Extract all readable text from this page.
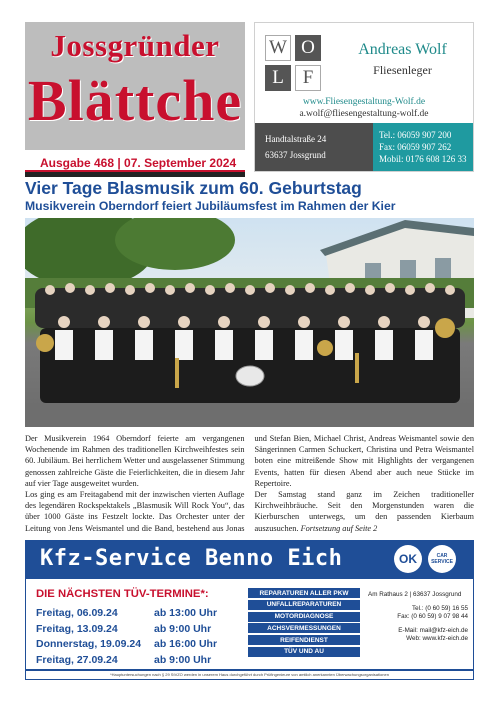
Jossgründer
Blättche
Ausgabe 468 | 07. September 2024
W O
L F
Andreas Wolf
Fliesenleger
www.Fliesengestaltung-Wolf.de
a.wolf@fliesengestaltung-wolf.de
Handtalstraße 24
63637 Jossgrund
Tel.: 06059 907 200
Fax: 06059 907 262
Mobil: 0176 608 126 33
Vier Tage Blasmusik zum 60. Geburtstag
Musikverein Oberndorf feiert Jubiläumsfest im Rahmen der Kier

Der Musikverein 1964 Oberndorf feierte am vergangenen Wochenende im Rahmen des traditionellen Kirchweihfestes sein 60. Jubiläum. Bei herrlichem Wetter und ausgelassener Stimmung genossen zahlreiche Gäste die Feierlichkeiten, die in diesem Jahr auf vier Tage ausgeweitet wurden.

Los ging es am Freitagabend mit der inzwischen vierten Auflage des legendären Rockspektakels „Blasmusik Will Rock You“, das über 1000 Gäste ins Festzelt lockte. Das Orchester unter der Leitung von Jens Weismantel und die Band, bestehend aus Jonas und Stefan Bien, Michael Christ, Andreas Weismantel sowie den Sängerinnen Carmen Schuckert, Christina und Petra Weismantel boten eine mitreißende Show mit Highlights der vergangenen Events, hatten für diesen Abend aber auch neue Stücke im Repertoire.

Der Samstag stand ganz im Zeichen traditioneller Kirchweihbräuche. Seit den Morgenstunden waren die Kierburschen unterwegs, um den passenden Kierbaum auszusuchen. Fortsetzung auf Seite 2

Kfz-Service Benno Eich	OK	CAR SERVICE
DIE NÄCHSTEN TÜV-TERMINE*:
Freitag, 06.09.24	ab 13:00 Uhr
Freitag, 13.09.24	ab 9:00 Uhr
Donnerstag, 19.09.24	ab 16:00 Uhr
Freitag, 27.09.24	ab 9:00 Uhr
REPARATUREN ALLER PKW
UNFALLREPARATUREN
MOTORDIAGNOSE
ACHSVERMESSUNGEN
REIFENDIENST
TÜV UND AU
Am Rathaus 2 | 63637 Jossgrund
Tel.: (0 60 59) 16 55
Fax: (0 60 59) 9 07 98 44
E-Mail: mail@kfz-eich.de
Web: www.kfz-eich.de
*Hauptuntersuchungen nach § 29 StVZO werden in unserem Haus durchgeführt durch Prüfingenieure von amtlich anerkannten Überwachungsorganisationen
